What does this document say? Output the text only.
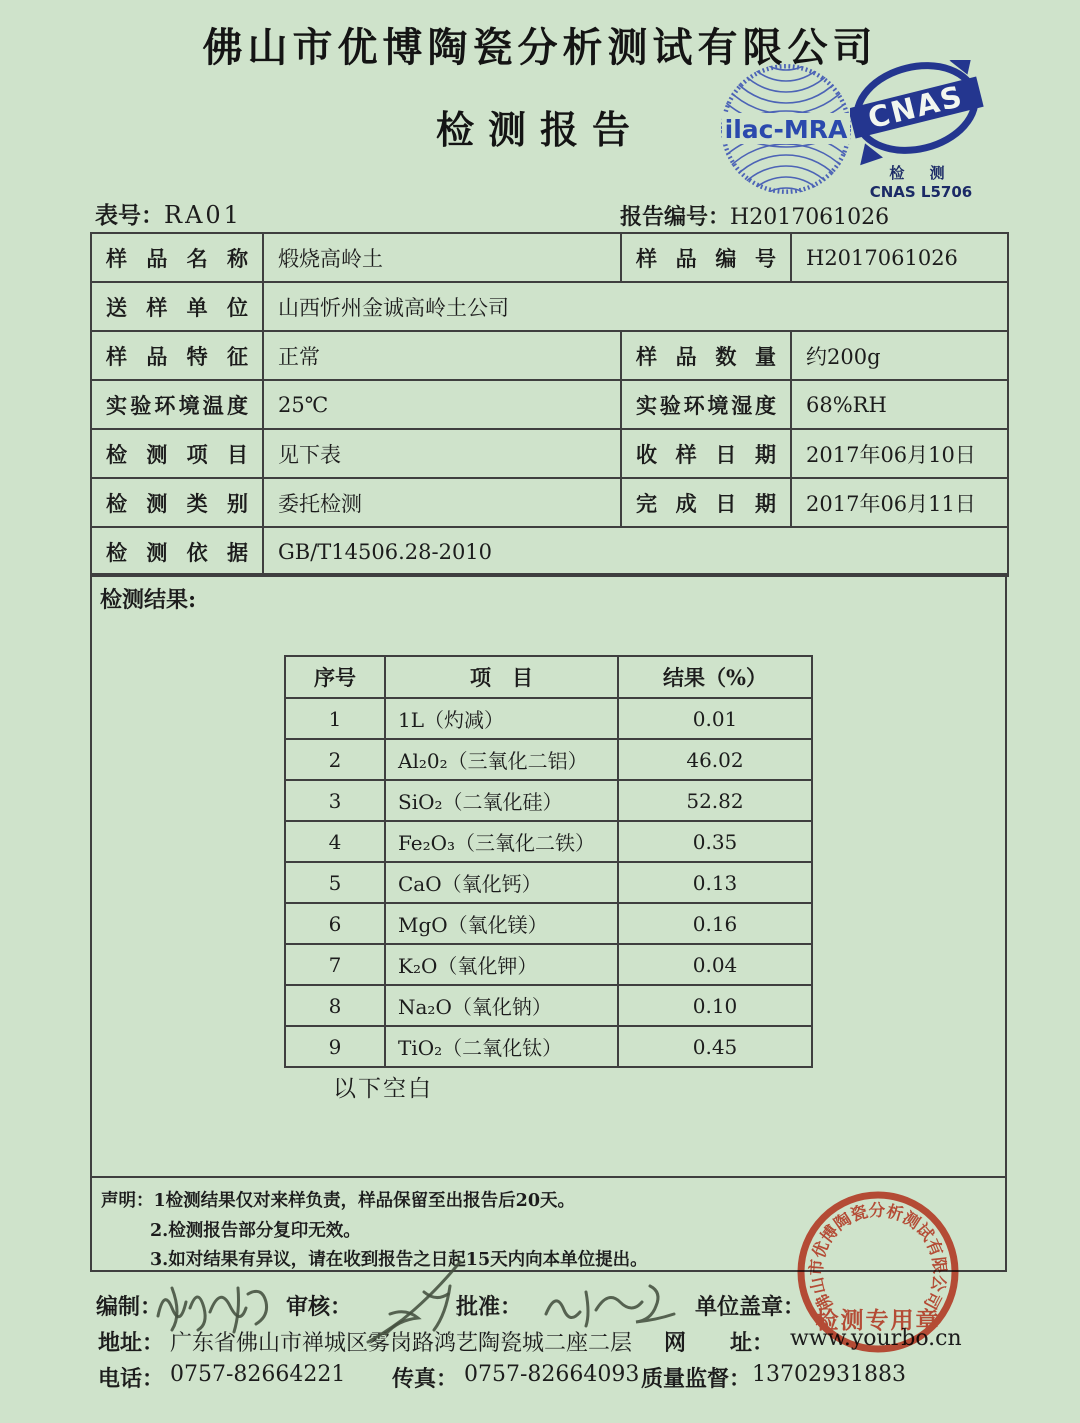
佛山市优博陶瓷分析测试有限公司
检测报告	ilac-MRA CNAS
检 测
CNAS L5706
表号：RA01	报告编号：H2017061026
样品名称	煅烧高岭土	样品编号	H2017061026
送样单位	山西忻州金诚高岭土公司		
样品特征	正常	样品数量	约200g
实验环境温度	25℃	实验环境湿度	68%RH
检测项目	见下表	收样日期	2017年06月10日
检测类别	委托检测	完成日期	2017年06月11日
检测依据	GB/T14506.28-2010		
检测结果:
序号	项　目	结果（%）
1	1L（灼减）	0.01
2	Al₂0₂（三氧化二铝）	46.02
3	SiO₂（二氧化硅）	52.82
4	Fe₂O₃（三氧化二铁）	0.35
5	CaO（氧化钙）	0.13
6	MgO（氧化镁）	0.16
7	K₂O（氧化钾）	0.04
8	Na₂O（氧化钠）	0.10
9	TiO₂（二氧化钛）	0.45
以下空白
声明：1检测结果仅对来样负责，样品保留至出报告后20天。
2.检测报告部分复印无效。
3.如对结果有异议，请在收到报告之日起15天内向本单位提出。
编制：	审核：	批准：	单位盖章：
地址： 广东省佛山市禅城区雾岗路鸿艺陶瓷城二座二层 网　　址： www.yourbo.cn
电话： 0757-82664221 传真： 0757-82664093 质量监督： 13702931883
佛山市优博陶瓷分析测试有限公司
检测专用章
